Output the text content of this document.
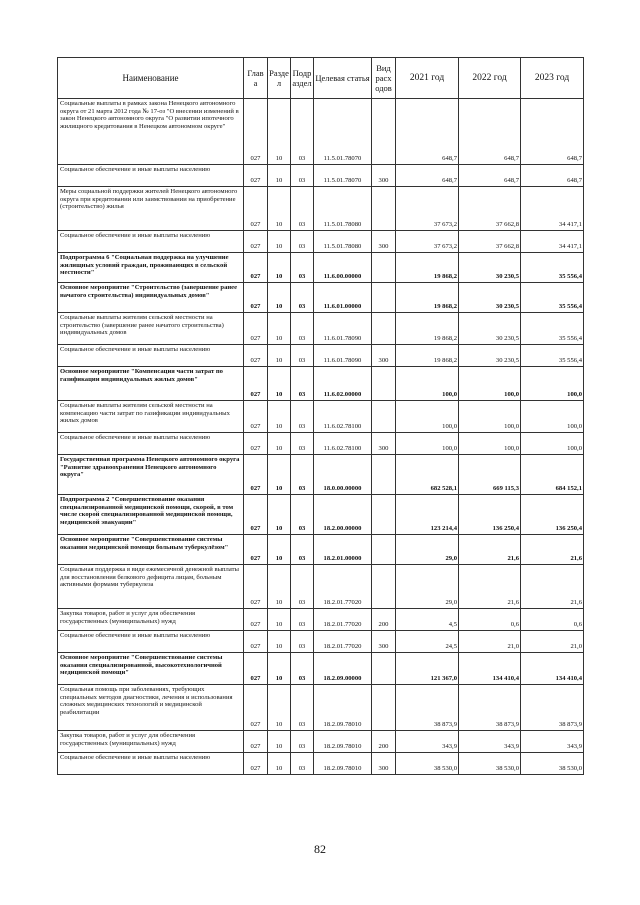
Наименование	Глав а	Разде л	Подр аздел	Целевая статья	Вид расх одов	2021 год	2022 год	2023 год
Социальные выплаты в рамках закона Ненецкого автономного округа от 21 марта 2012 года № 17-оз "О внесении изменений в закон Ненецкого автономного округа "О развитии ипотечного жилищного кредитования в Ненецком автономном округе"	027	10	03	11.5.01.78070		648,7	648,7	648,7
Социальное обеспечение и иные выплаты населению	027	10	03	11.5.01.78070	300	648,7	648,7	648,7
Меры социальной поддержки жителей Ненецкого автономного округа при кредитовании или заимствовании на приобретение (строительство) жилья	027	10	03	11.5.01.78080		37 673,2	37 662,8	34 417,1
Социальное обеспечение и иные выплаты населению	027	10	03	11.5.01.78080	300	37 673,2	37 662,8	34 417,1
Подпрограмма 6 "Социальная поддержка на улучшение жилищных условий граждан, проживающих в сельской местности"	027	10	03	11.6.00.00000		19 868,2	30 230,5	35 556,4
Основное мероприятие "Строительство (завершение ранее начатого строительства) индивидуальных домов"	027	10	03	11.6.01.00000		19 868,2	30 230,5	35 556,4
Социальные выплаты жителям сельской местности на строительство (завершение ранее начатого строительства) индивидуальных домов	027	10	03	11.6.01.78090		19 868,2	30 230,5	35 556,4
Социальное обеспечение и иные выплаты населению	027	10	03	11.6.01.78090	300	19 868,2	30 230,5	35 556,4
Основное мероприятие "Компенсация части затрат по газификации индивидуальных жилых домов"	027	10	03	11.6.02.00000		100,0	100,0	100,0
Социальные выплаты жителям сельской местности на компенсацию части затрат по газификации индивидуальных жилых домов	027	10	03	11.6.02.78100		100,0	100,0	100,0
Социальное обеспечение и иные выплаты населению	027	10	03	11.6.02.78100	300	100,0	100,0	100,0
Государственная программа Ненецкого автономного округа "Развитие здравоохранения Ненецкого автономного округа"	027	10	03	18.0.00.00000		682 528,1	669 115,3	684 152,1
Подпрограмма 2 "Совершенствование оказания специализированной медицинской помощи, скорой, в том числе скорой специализированной медицинской помощи, медицинской эвакуации"	027	10	03	18.2.00.00000		123 214,4	136 250,4	136 250,4
Основное мероприятие "Совершенствование системы оказания медицинской помощи больным туберкулёзом"	027	10	03	18.2.01.00000		29,0	21,6	21,6
Социальная поддержка в виде ежемесячной денежной выплаты для восстановления белкового дефицита лицам, больным активными формами туберкулеза	027	10	03	18.2.01.77020		29,0	21,6	21,6
Закупка товаров, работ и услуг для обеспечения государственных (муниципальных) нужд	027	10	03	18.2.01.77020	200	4,5	0,6	0,6
Социальное обеспечение и иные выплаты населению	027	10	03	18.2.01.77020	300	24,5	21,0	21,0
Основное мероприятие "Совершенствование системы оказания специализированной, высокотехнологичной медицинской помощи"	027	10	03	18.2.09.00000		121 367,0	134 410,4	134 410,4
Социальная помощь при заболеваниях, требующих специальных методов диагностики, лечения и использования сложных медицинских технологий и медицинской реабилитации	027	10	03	18.2.09.78010		38 873,9	38 873,9	38 873,9
Закупка товаров, работ и услуг для обеспечения государственных (муниципальных) нужд	027	10	03	18.2.09.78010	200	343,9	343,9	343,9
Социальное обеспечение и иные выплаты населению	027	10	03	18.2.09.78010	300	38 530,0	38 530,0	38 530,0
82
